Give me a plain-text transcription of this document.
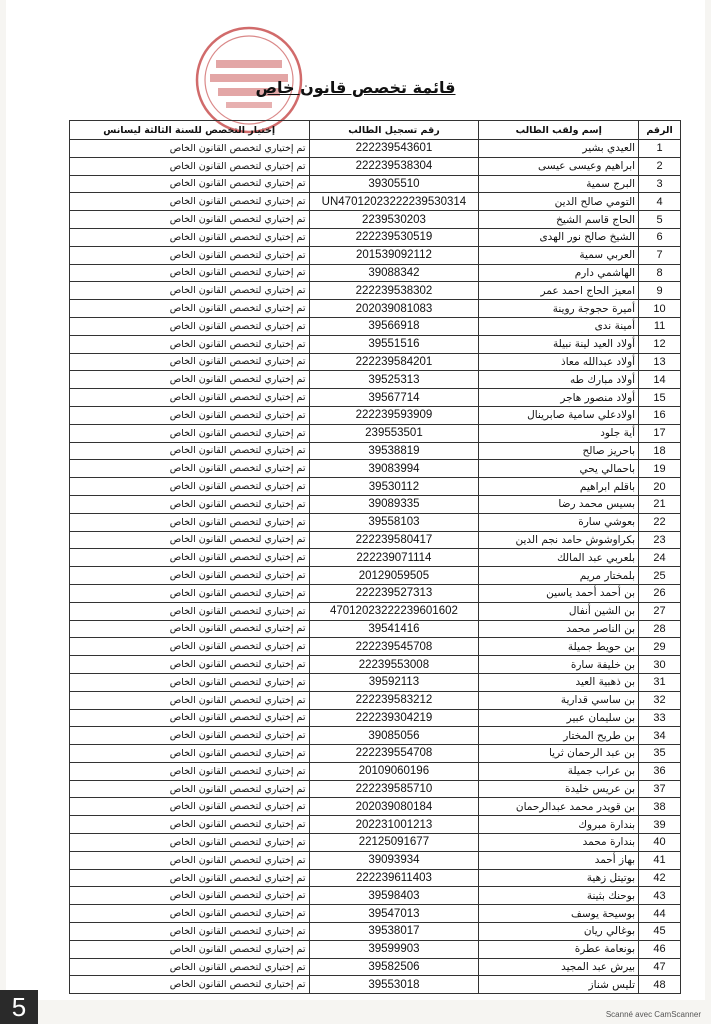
قائمة تخصص قانون خاص
الرقم	إسم ولقب الطالب	رقم تسجيل الطالب	إختيار التخصص للسنة الثالثة ليسانس
1	العيدي بشير	222239543601	تم إختياري لتخصص القانون الخاص
2	ابراهيم وعيسى عيسى	222239538304	تم إختياري لتخصص القانون الخاص
3	البرج سمية	39305510	تم إختياري لتخصص القانون الخاص
4	التومي صالح الدين	UN47012023222239530314	تم إختياري لتخصص القانون الخاص
5	الحاج قاسم الشيخ	2239530203	تم إختياري لتخصص القانون الخاص
6	الشيخ صالح نور الهدى	222239530519	تم إختياري لتخصص القانون الخاص
7	العربي سمية	201539092112	تم إختياري لتخصص القانون الخاص
8	الهاشمي دارم	39088342	تم إختياري لتخصص القانون الخاص
9	امعيز الحاج احمد عمر	222239538302	تم إختياري لتخصص القانون الخاص
10	أميرة حجوجة روينة	202039081083	تم إختياري لتخصص القانون الخاص
11	أمينة ندى	39566918	تم إختياري لتخصص القانون الخاص
12	أولاد العيد لينة نبيلة	39551516	تم إختياري لتخصص القانون الخاص
13	أولاد عبدالله معاذ	222239584201	تم إختياري لتخصص القانون الخاص
14	أولاد مبارك طه	39525313	تم إختياري لتخصص القانون الخاص
15	أولاد منصور هاجر	39567714	تم إختياري لتخصص القانون الخاص
16	اولادعلي سامية صابرينال	222239593909	تم إختياري لتخصص القانون الخاص
17	أية جلود	239553501	تم إختياري لتخصص القانون الخاص
18	باحريز صالح	39538819	تم إختياري لتخصص القانون الخاص
19	باحمالي يحي	39083994	تم إختياري لتخصص القانون الخاص
20	باقلم ابراهيم	39530112	تم إختياري لتخصص القانون الخاص
21	بسيس محمد رضا	39089335	تم إختياري لتخصص القانون الخاص
22	بعوشي سارة	39558103	تم إختياري لتخصص القانون الخاص
23	بكراوشوش حامد نجم الدين	222239580417	تم إختياري لتخصص القانون الخاص
24	بلعربي عبد المالك	222239071114	تم إختياري لتخصص القانون الخاص
25	بلمختار مريم	20129059505	تم إختياري لتخصص القانون الخاص
26	بن أحمد أحمد ياسين	222239527313	تم إختياري لتخصص القانون الخاص
27	بن الشين أنفال	47012023222239601602	تم إختياري لتخصص القانون الخاص
28	بن الناصر محمد	39541416	تم إختياري لتخصص القانون الخاص
29	بن حويط جميلة	222239545708	تم إختياري لتخصص القانون الخاص
30	بن خليفة سارة	22239553008	تم إختياري لتخصص القانون الخاص
31	بن ذهبية العيد	39592113	تم إختياري لتخصص القانون الخاص
32	بن ساسي قدارية	222239583212	تم إختياري لتخصص القانون الخاص
33	بن سليمان عبير	222239304219	تم إختياري لتخصص القانون الخاص
34	بن طريح المختار	39085056	تم إختياري لتخصص القانون الخاص
35	بن عبد الرحمان ثريا	222239554708	تم إختياري لتخصص القانون الخاص
36	بن عراب جميلة	20109060196	تم إختياري لتخصص القانون الخاص
37	بن عريس خليدة	222239585710	تم إختياري لتخصص القانون الخاص
38	بن قويدر محمد عبدالرحمان	202039080184	تم إختياري لتخصص القانون الخاص
39	بندارة مبروك	202231001213	تم إختياري لتخصص القانون الخاص
40	بندارة محمد	22125091677	تم إختياري لتخصص القانون الخاص
41	بهاز أحمد	39093934	تم إختياري لتخصص القانون الخاص
42	بوتيتل زهية	222239611403	تم إختياري لتخصص القانون الخاص
43	بوحنك بثينة	39598403	تم إختياري لتخصص القانون الخاص
44	بوسيحة يوسف	39547013	تم إختياري لتخصص القانون الخاص
45	بوغالي ريان	39538017	تم إختياري لتخصص القانون الخاص
46	بونعامة عطرة	39599903	تم إختياري لتخصص القانون الخاص
47	بيرش عبد المجيد	39582506	تم إختياري لتخصص القانون الخاص
48	تليس شناز	39553018	تم إختياري لتخصص القانون الخاص
5	Scanné avec CamScanner
